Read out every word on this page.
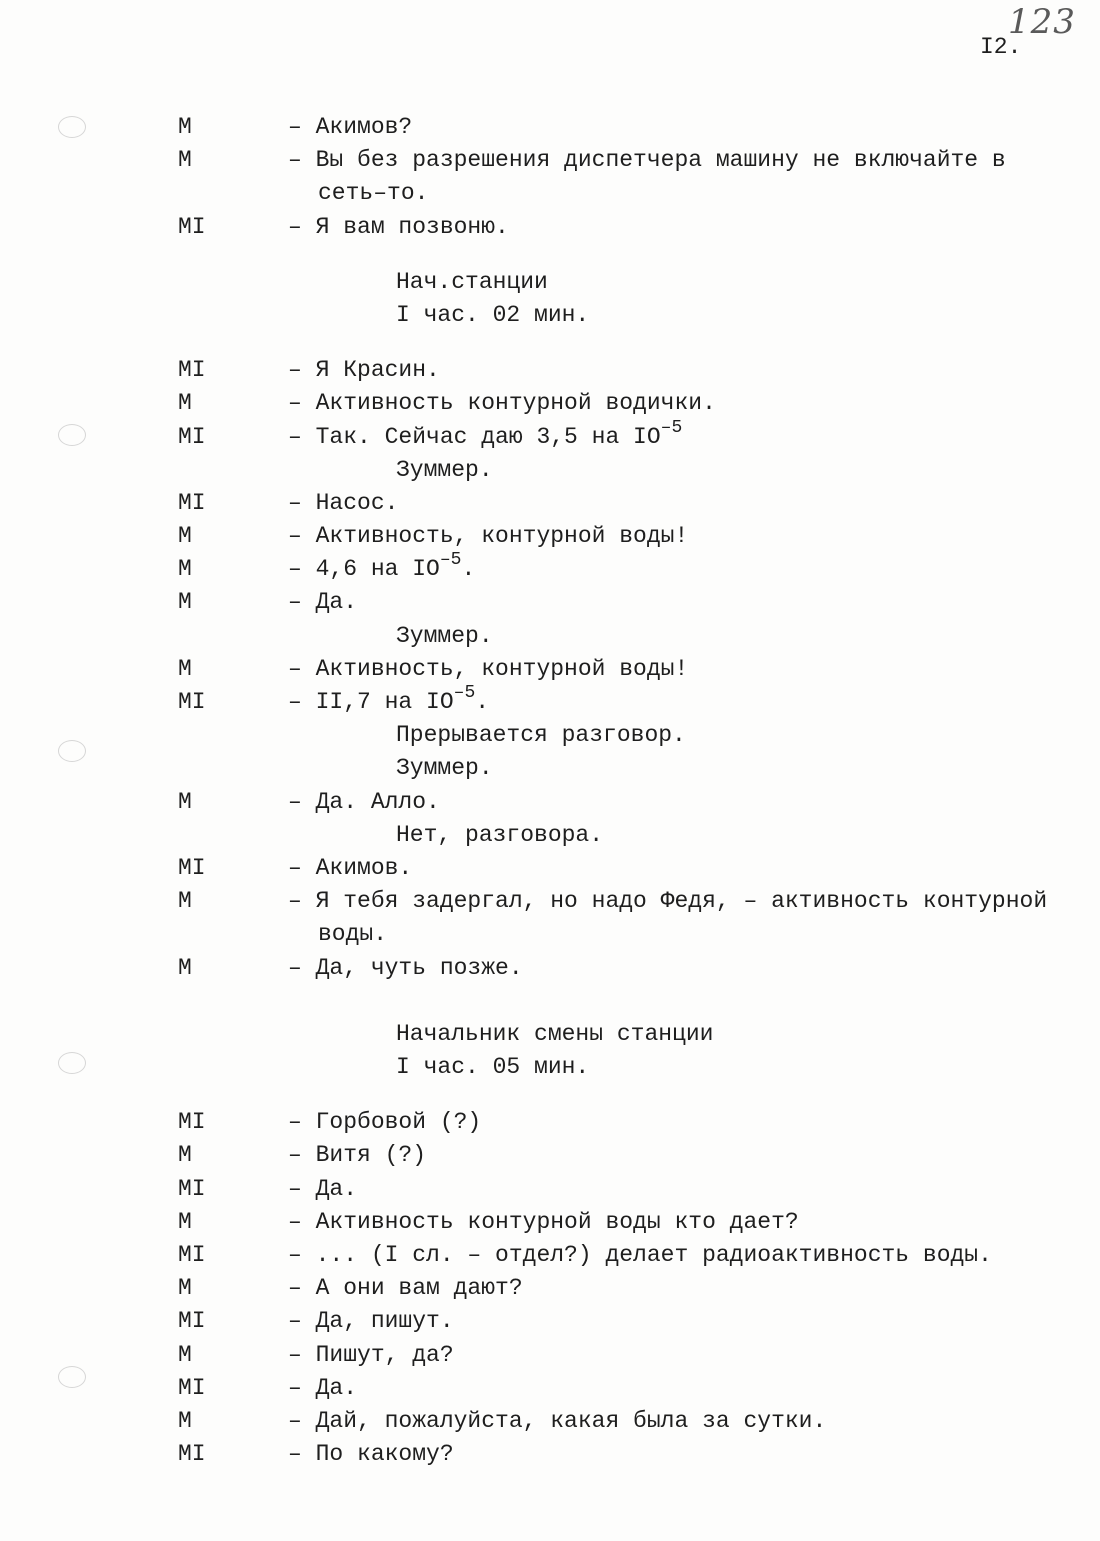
123
I2.
M	– Акимов?
M	– Вы без разрешения диспетчера машину не включайте в
сеть–то.
MI	– Я вам позвоню.
Нач.станции
I час. 02 мин.
MI	– Я Красин.
M	– Активность контурной водички.
MI	– Так. Сейчас даю 3,5 на $IO^{-5}$
Зуммер.
MI	– Насос.
M	– Активность, контурной воды!
M	– 4,6 на $IO^{-5}$.
M	– Да.
Зуммер.
M	– Активность, контурной воды!
MI	– II,7 на $IO^{-5}$.
Прерывается разговор.
Зуммер.
M	– Да. Алло.
Нет, разговора.
MI	– Акимов.
M	– Я тебя задергал, но надо Федя, – активность контурной
воды.
M	– Да, чуть позже.
Начальник смены станции
I час. 05 мин.
MI	– Горбовой (?)
M	– Витя (?)
MI	– Да.
M	– Активность контурной воды кто дает?
MI	– ... (I сл. – отдел?) делает радиоактивность воды.
M	– А они вам дают?
MI	– Да, пишут.
M	– Пишут, да?
MI	– Да.
M	– Дай, пожалуйста, какая была за сутки.
MI	– По какому?
